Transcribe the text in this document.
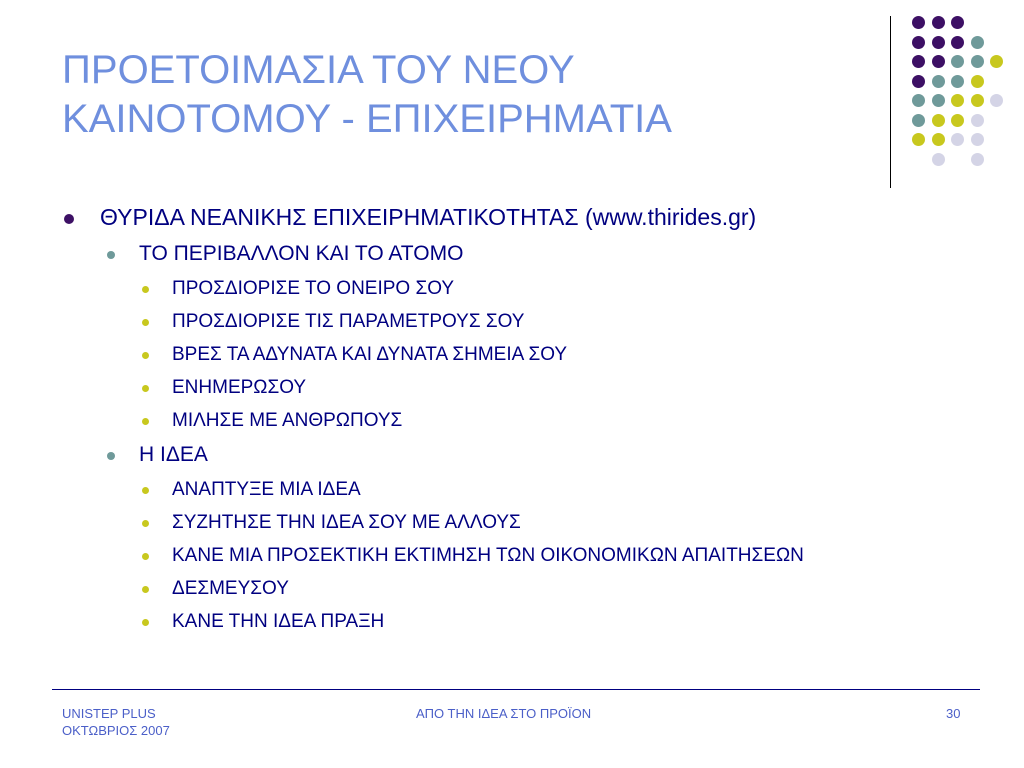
ΠΡΟΕΤΟΙΜΑΣΙΑ ΤΟΥ ΝΕΟΥ
ΚΑΙΝΟΤΟΜΟΥ - ΕΠΙΧΕΙΡΗΜΑΤΙΑ
ΘΥΡΙΔΑ ΝΕΑΝΙΚΗΣ ΕΠΙΧΕΙΡΗΜΑΤΙΚΟΤΗΤΑΣ (www.thirides.gr)
ΤΟ ΠΕΡΙΒΑΛΛΟΝ ΚΑΙ ΤΟ ΑΤΟΜΟ
ΠΡΟΣΔΙΟΡΙΣΕ ΤΟ ΟΝΕΙΡΟ ΣΟΥ
ΠΡΟΣΔΙΟΡΙΣΕ ΤΙΣ ΠΑΡΑΜΕΤΡΟΥΣ ΣΟΥ
ΒΡΕΣ ΤΑ ΑΔΥΝΑΤΑ ΚΑΙ ΔΥΝΑΤΑ ΣΗΜΕΙΑ ΣΟΥ
ΕΝΗΜΕΡΩΣΟΥ
ΜΙΛΗΣΕ ΜΕ ΑΝΘΡΩΠΟΥΣ
Η ΙΔΕΑ
ΑΝΑΠΤΥΞΕ ΜΙΑ ΙΔΕΑ
ΣΥΖΗΤΗΣΕ ΤΗΝ ΙΔΕΑ ΣΟΥ ΜΕ ΑΛΛΟΥΣ
ΚΑΝΕ ΜΙΑ ΠΡΟΣΕΚΤΙΚΗ ΕΚΤΙΜΗΣΗ ΤΩΝ ΟΙΚΟΝΟΜΙΚΩΝ ΑΠΑΙΤΗΣΕΩΝ
ΔΕΣΜΕΥΣΟΥ
ΚΑΝΕ ΤΗΝ ΙΔΕΑ ΠΡΑΞΗ
UNISTEP PLUS
ΟΚΤΩΒΡΙΟΣ 2007
ΑΠΟ ΤΗΝ ΙΔΕΑ ΣΤΟ ΠΡΟΪΟΝ	30
